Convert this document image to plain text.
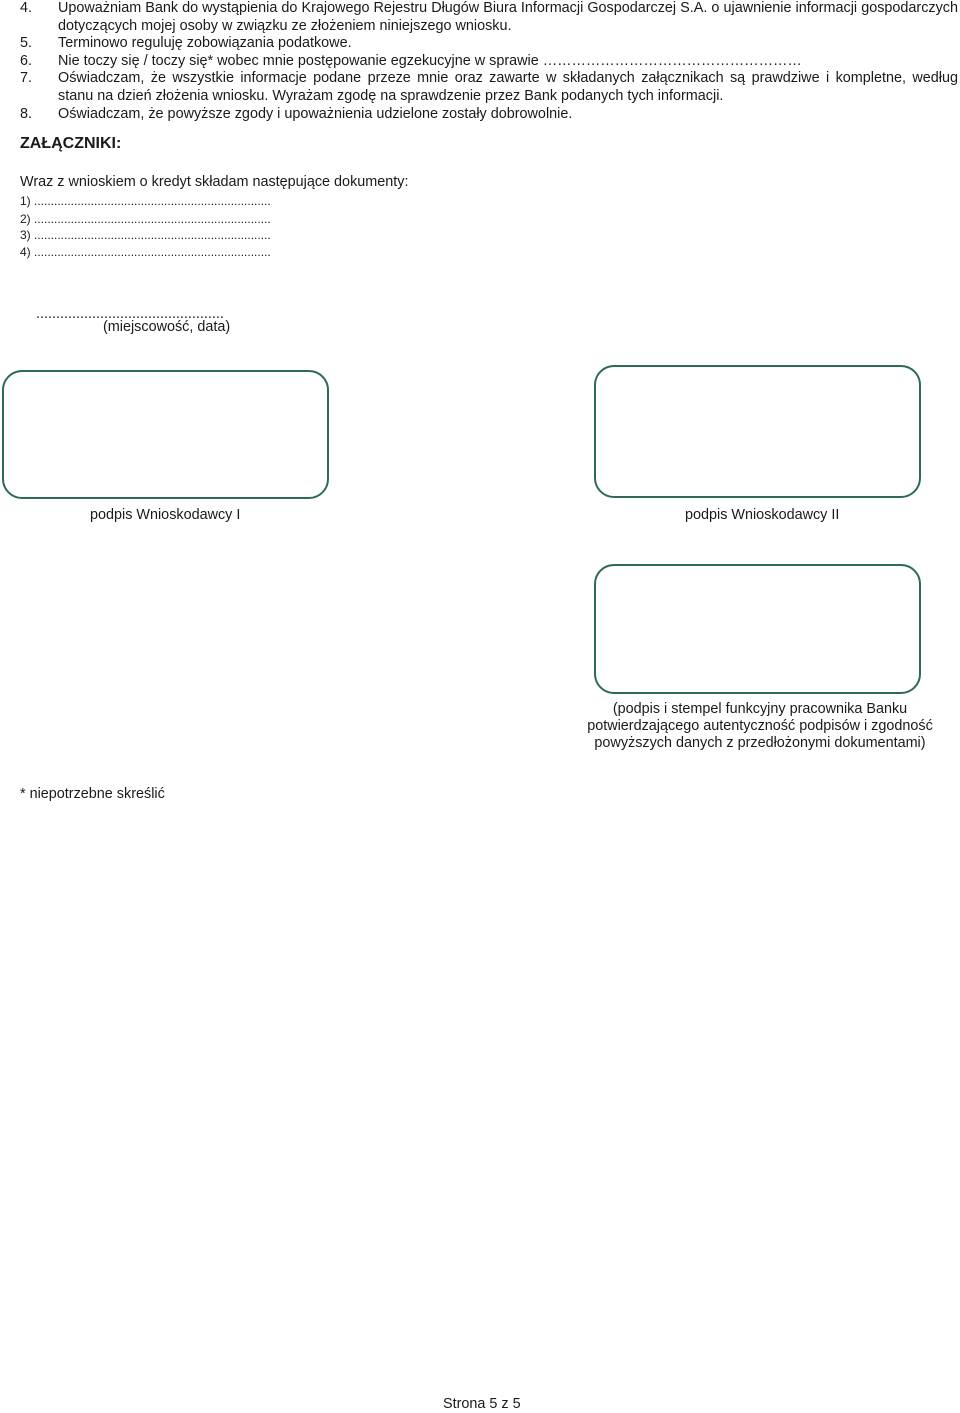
4. Upoważniam Bank do wystąpienia do Krajowego Rejestru Długów Biura Informacji Gospodarczej S.A. o ujawnienie informacji gospodarczych dotyczących mojej osoby w związku ze złożeniem niniejszego wniosku.
5. Terminowo reguluję zobowiązania podatkowe.
6. Nie toczy się / toczy się* wobec mnie postępowanie egzekucyjne w sprawie ………………………………………………
7. Oświadczam, że wszystkie informacje podane przeze mnie oraz zawarte w składanych załącznikach są prawdziwe i kompletne, według stanu na dzień złożenia wniosku. Wyrażam zgodę na sprawdzenie przez Bank podanych tych informacji.
8. Oświadczam, że powyższe zgody i upoważnienia udzielone zostały dobrowolnie.
ZAŁĄCZNIKI:
Wraz z wnioskiem o kredyt składam następujące dokumenty:
1) .......................................................................
2) .......................................................................
3) .......................................................................
4) .......................................................................
...............................................
(miejscowość, data)
podpis Wnioskodawcy I	podpis Wnioskodawcy II
(podpis i stempel funkcyjny pracownika Banku
potwierdzającego autentyczność podpisów i zgodność
powyższych danych z przedłożonymi dokumentami)
* niepotrzebne skreślić
Strona 5 z 5
